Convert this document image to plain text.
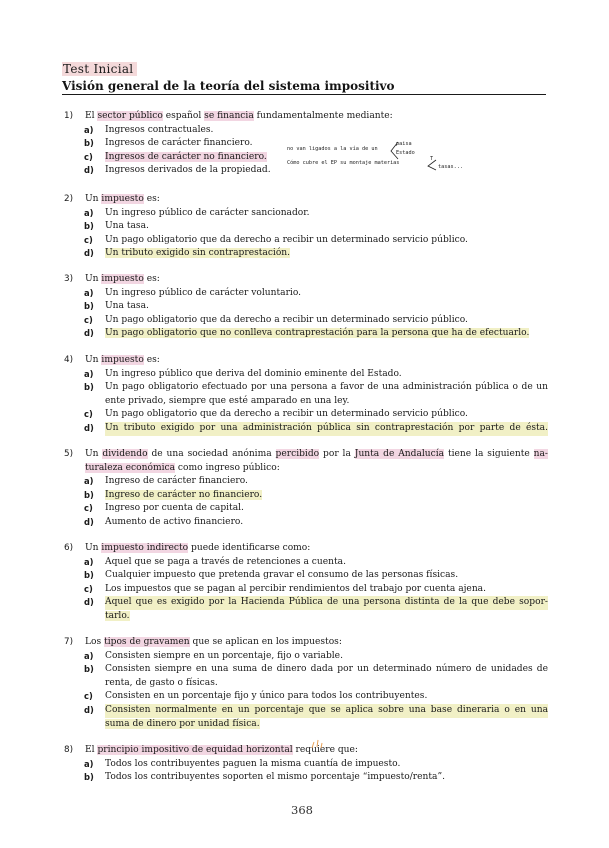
Test Inicial
Visión general de la teoría del sistema impositivo
1)	El sector público español se financia fundamentalmente mediante:
a) Ingresos contractuales.
b) Ingresos de carácter financiero.
c) Ingresos de carácter no financiero.
d) Ingresos derivados de la propiedad.
no van ligados a la vía de un
paisa
Estado
Cómo cubre el EP su montaje materias
T
tasas...
2)	Un impuesto es:
a) Un ingreso público de carácter sancionador.
b) Una tasa.
c) Un pago obligatorio que da derecho a recibir un determinado servicio público.
d) Un tributo exigido sin contraprestación.
3)	Un impuesto es:
a) Un ingreso público de carácter voluntario.
b) Una tasa.
c) Un pago obligatorio que da derecho a recibir un determinado servicio público.
d) Un pago obligatorio que no conlleva contraprestación para la persona que ha de efectuarlo.
4)	Un impuesto es:
a) Un ingreso público que deriva del dominio eminente del Estado.
b) Un pago obligatorio efectuado por una persona a favor de una administración pública o de un
ente privado, siempre que esté amparado en una ley.
c) Un pago obligatorio que da derecho a recibir un determinado servicio público.
d) Un tributo exigido por una administración pública sin contraprestación por parte de ésta.
5)	Un dividendo de una sociedad anónima percibido por la Junta de Andalucía tiene la siguiente na-
turaleza económica como ingreso público:
a) Ingreso de carácter financiero.
b) Ingreso de carácter no financiero.
c) Ingreso por cuenta de capital.
d) Aumento de activo financiero.
6)	Un impuesto indirecto puede identificarse como:
a) Aquel que se paga a través de retenciones a cuenta.
b) Cualquier impuesto que pretenda gravar el consumo de las personas físicas.
c) Los impuestos que se pagan al percibir rendimientos del trabajo por cuenta ajena.
d) Aquel que es exigido por la Hacienda Pública de una persona distinta de la que debe sopor-
tarlo.
7)	Los tipos de gravamen que se aplican en los impuestos:
a) Consisten siempre en un porcentaje, fijo o variable.
b) Consisten siempre en una suma de dinero dada por un determinado número de unidades de
renta, de gasto o físicas.
c) Consisten en un porcentaje fijo y único para todos los contribuyentes.
d) Consisten normalmente en un porcentaje que se aplica sobre una base dineraria o en una
suma de dinero por unidad física.
8)	El principio impositivo de equidad horizontal requiere que:
a) Todos los contribuyentes paguen la misma cuantía de impuesto.
b) Todos los contribuyentes soporten el mismo porcentaje “impuesto/renta”.
368
